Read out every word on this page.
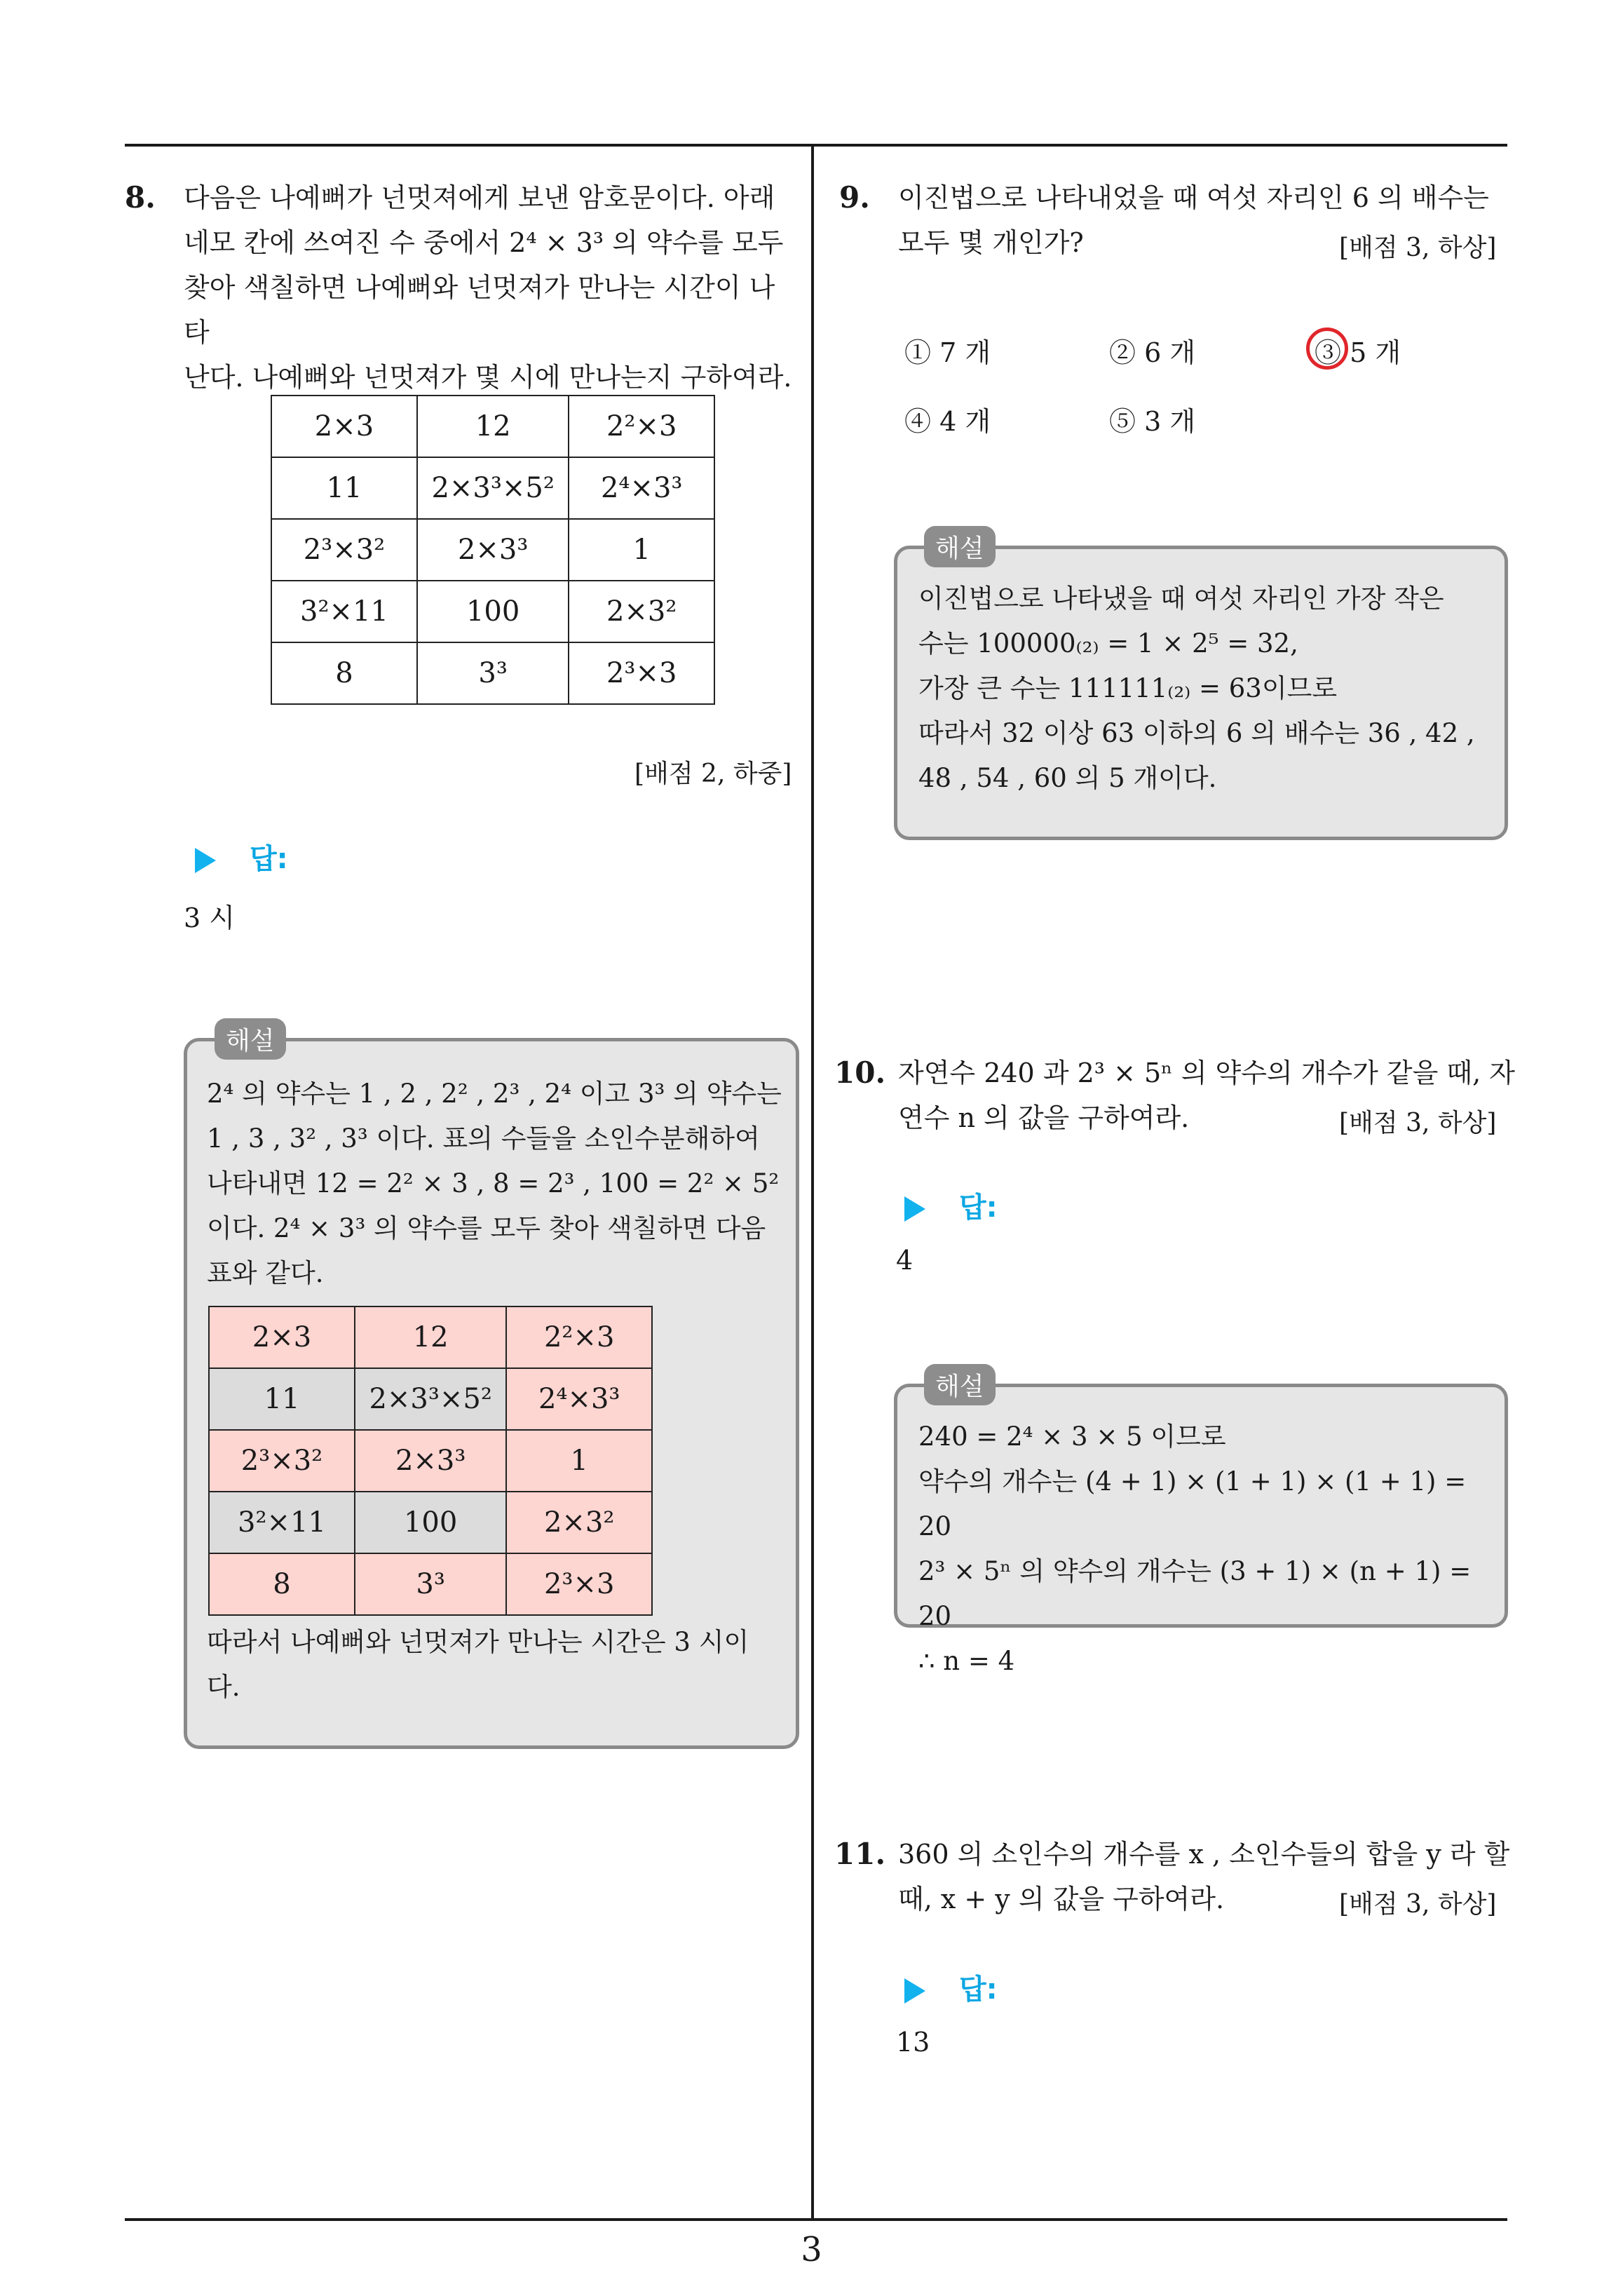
8. 다음은 나예뻐가 넌멋져에게 보낸 암호문이다. 아래
네모 칸에 쓰여진 수 중에서 2⁴ × 3³ 의 약수를 모두
찾아 색칠하면 나예뻐와 넌멋져가 만나는 시간이 나타
난다. 나예뻐와 넌멋져가 몇 시에 만나는지 구하여라.
2×3	12	2²×3
11	2×3³×5²	2⁴×3³
2³×3²	2×3³	1
3²×11	100	2×3²
8	3³	2³×3
[배점 2, 하중]
답:
3 시
해설
2⁴ 의 약수는 1 , 2 , 2² , 2³ , 2⁴ 이고 3³ 의 약수는
1 , 3 , 3² , 3³ 이다. 표의 수들을 소인수분해하여
나타내면 12 = 2² × 3 , 8 = 2³ , 100 = 2² × 5²
이다. 2⁴ × 3³ 의 약수를 모두 찾아 색칠하면 다음
표와 같다.
2×3	12	2²×3
11	2×3³×5²	2⁴×3³
2³×3²	2×3³	1
3²×11	100	2×3²
8	3³	2³×3
따라서 나예뻐와 넌멋져가 만나는 시간은 3 시이
다.
9. 이진법으로 나타내었을 때 여섯 자리인 6 의 배수는
모두 몇 개인가?	[배점 3, 하상]
① 7 개	② 6 개	③ 5 개
④ 4 개	⑤ 3 개
해설
이진법으로 나타냈을 때 여섯 자리인 가장 작은
수는 100000₍₂₎ = 1 × 2⁵ = 32,
가장 큰 수는 111111₍₂₎ = 63이므로
따라서 32 이상 63 이하의 6 의 배수는 36 , 42 ,
48 , 54 , 60 의 5 개이다.
10. 자연수 240 과 2³ × 5ⁿ 의 약수의 개수가 같을 때, 자
연수 n 의 값을 구하여라.	[배점 3, 하상]
답:
4
해설
240 = 2⁴ × 3 × 5 이므로
약수의 개수는 (4 + 1) × (1 + 1) × (1 + 1) = 20
2³ × 5ⁿ 의 약수의 개수는 (3 + 1) × (n + 1) = 20
∴ n = 4
11. 360 의 소인수의 개수를 x , 소인수들의 합을 y 라 할
때, x + y 의 값을 구하여라.	[배점 3, 하상]
답:
13
3
